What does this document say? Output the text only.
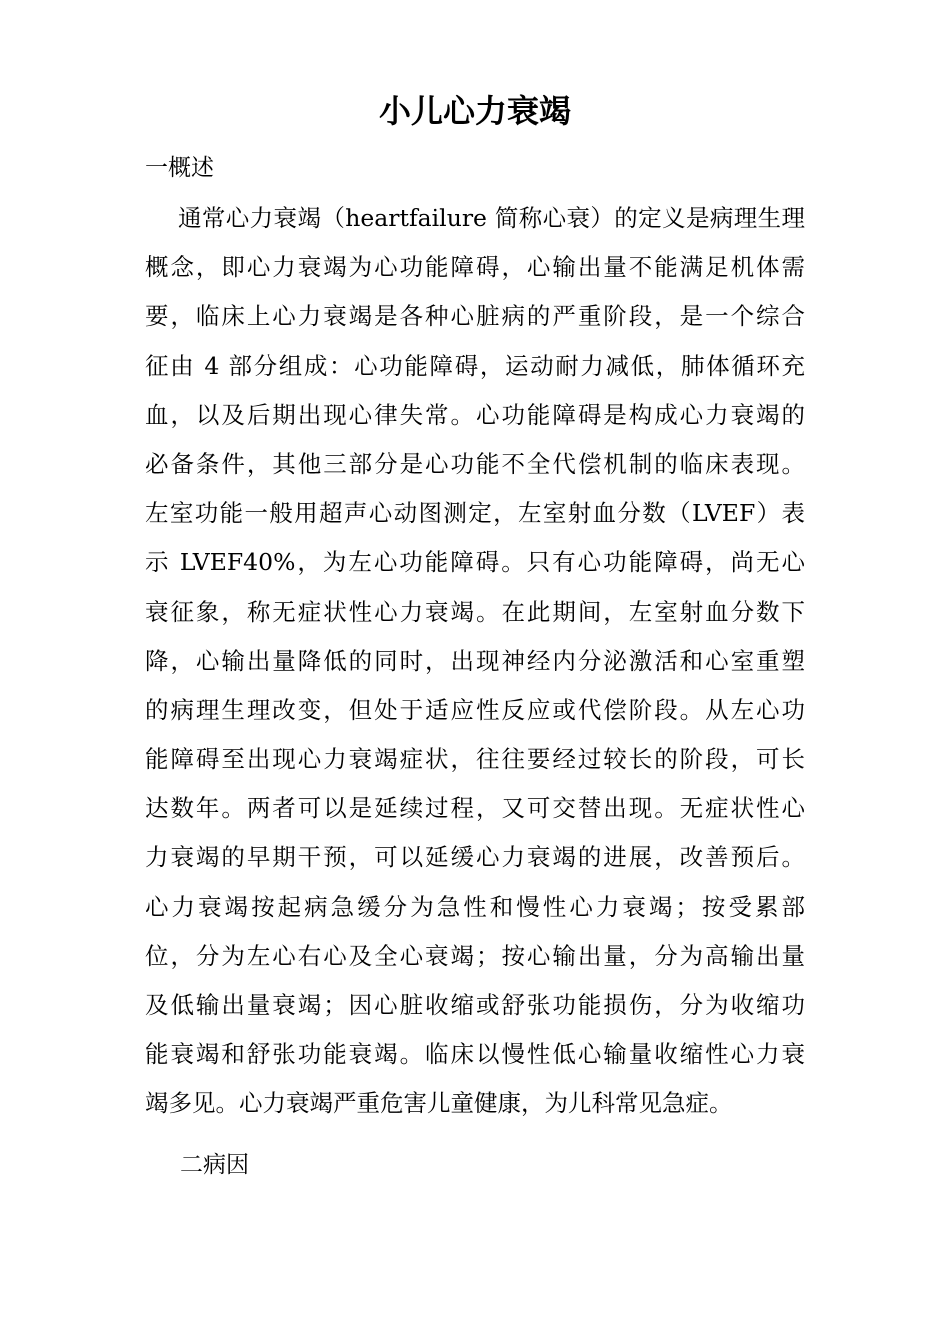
小儿心力衰竭
一概述
通常心力衰竭（heartfailure 简称心衰）的定义是病理生理
概念，即心力衰竭为心功能障碍，心输出量不能满足机体需
要，临床上心力衰竭是各种心脏病的严重阶段，是一个综合
征由 4 部分组成：心功能障碍，运动耐力减低，肺体循环充
血，以及后期出现心律失常。心功能障碍是构成心力衰竭的
必备条件，其他三部分是心功能不全代偿机制的临床表现。
左室功能一般用超声心动图测定，左室射血分数（LVEF）表
示 LVEF40%，为左心功能障碍。只有心功能障碍，尚无心
衰征象，称无症状性心力衰竭。在此期间，左室射血分数下
降，心输出量降低的同时，出现神经内分泌激活和心室重塑
的病理生理改变，但处于适应性反应或代偿阶段。从左心功
能障碍至出现心力衰竭症状，往往要经过较长的阶段，可长
达数年。两者可以是延续过程，又可交替出现。无症状性心
力衰竭的早期干预，可以延缓心力衰竭的进展，改善预后。
心力衰竭按起病急缓分为急性和慢性心力衰竭；按受累部
位，分为左心右心及全心衰竭；按心输出量，分为高输出量
及低输出量衰竭；因心脏收缩或舒张功能损伤，分为收缩功
能衰竭和舒张功能衰竭。临床以慢性低心输量收缩性心力衰
竭多见。心力衰竭严重危害儿童健康，为儿科常见急症。
二病因
